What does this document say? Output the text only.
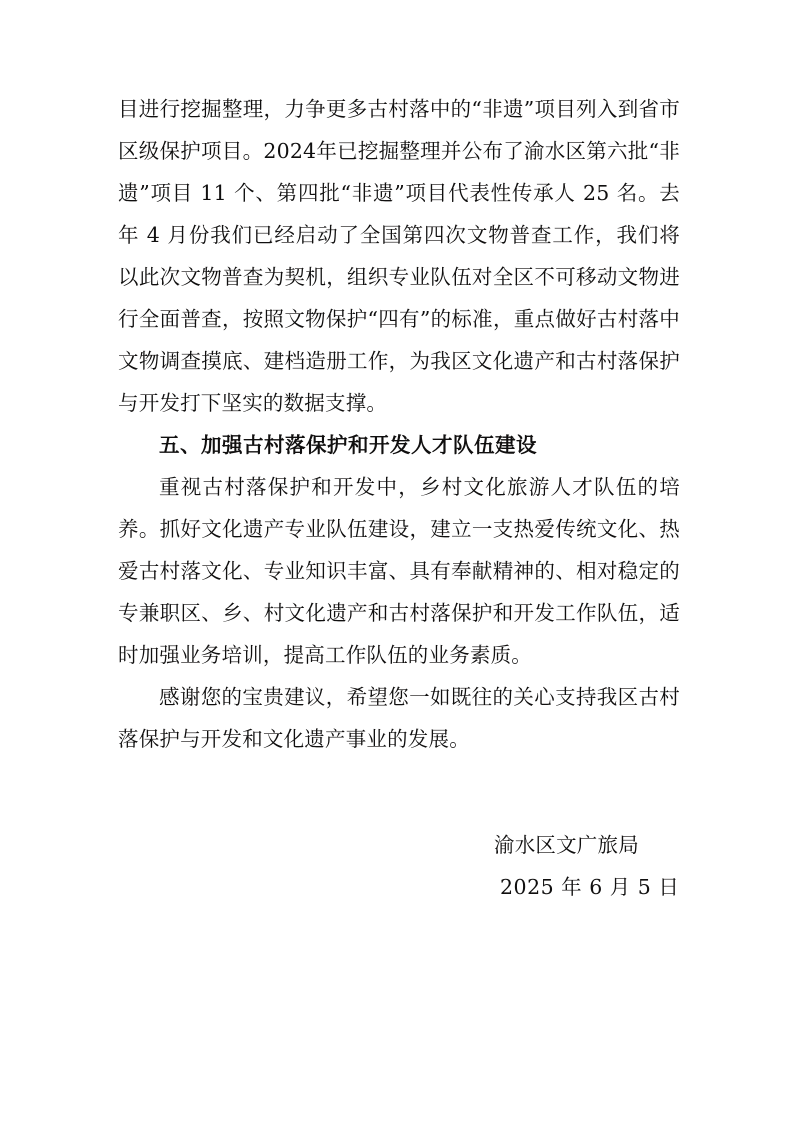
目进行挖掘整理，力争更多古村落中的“非遗”项目列入到省市区级保护项目。2024年已挖掘整理并公布了渝水区第六批“非遗”项目 11 个、第四批“非遗”项目代表性传承人 25 名。去年 4 月份我们已经启动了全国第四次文物普查工作，我们将以此次文物普查为契机，组织专业队伍对全区不可移动文物进行全面普查，按照文物保护“四有”的标准，重点做好古村落中文物调查摸底、建档造册工作，为我区文化遗产和古村落保护与开发打下坚实的数据支撑。

五、加强古村落保护和开发人才队伍建设

重视古村落保护和开发中，乡村文化旅游人才队伍的培养。抓好文化遗产专业队伍建设，建立一支热爱传统文化、热爱古村落文化、专业知识丰富、具有奉献精神的、相对稳定的专兼职区、乡、村文化遗产和古村落保护和开发工作队伍，适时加强业务培训，提高工作队伍的业务素质。

感谢您的宝贵建议，希望您一如既往的关心支持我区古村落保护与开发和文化遗产事业的发展。

渝水区文广旅局
2025 年 6 月 5 日
